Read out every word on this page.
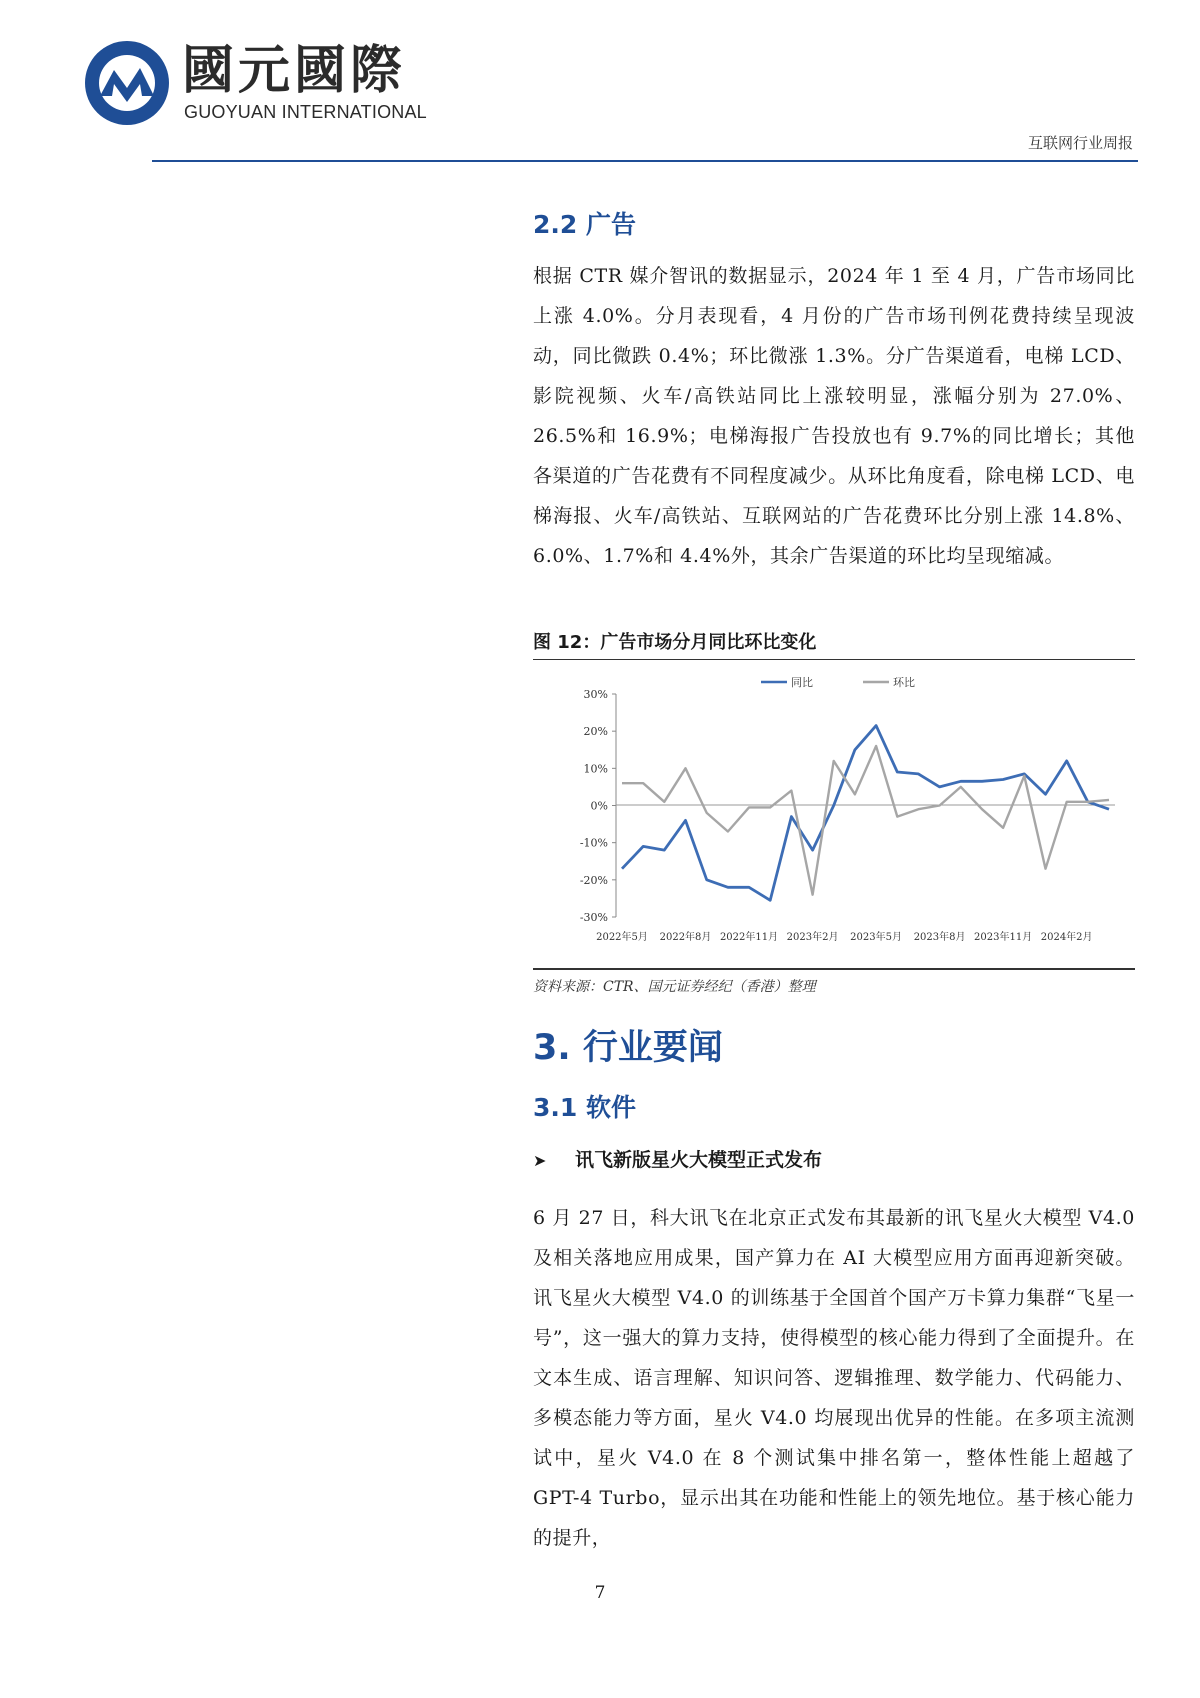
國元國際
GUOYUAN INTERNATIONAL
互联网行业周报
2.2 广告
根据 CTR 媒介智讯的数据显示，2024 年 1 至 4 月，广告市场同比上涨 4.0%。分月表现看，4 月份的广告市场刊例花费持续呈现波动，同比微跌 0.4%；环比微涨 1.3%。分广告渠道看，电梯 LCD、影院视频、火车/高铁站同比上涨较明显，涨幅分别为 27.0%、26.5%和 16.9%；电梯海报广告投放也有 9.7%的同比增长；其他各渠道的广告花费有不同程度减少。从环比角度看，除电梯 LCD、电梯海报、火车/高铁站、互联网站的广告花费环比分别上涨 14.8%、6.0%、1.7%和 4.4%外，其余广告渠道的环比均呈现缩减。
图 12：广告市场分月同比环比变化
30%
20%
10%
0%
-10%
-20%
-30%
2022年5月 2022年8月 2022年11月 2023年2月 2023年5月 2023年8月 2023年11月 2024年2月
同比	环比
资料来源：CTR、国元证券经纪（香港）整理
3. 行业要闻
3.1 软件
➤ 讯飞新版星火大模型正式发布
6 月 27 日，科大讯飞在北京正式发布其最新的讯飞星火大模型 V4.0 及相关落地应用成果，国产算力在 AI 大模型应用方面再迎新突破。讯飞星火大模型 V4.0 的训练基于全国首个国产万卡算力集群“飞星一号”，这一强大的算力支持，使得模型的核心能力得到了全面提升。在文本生成、语言理解、知识问答、逻辑推理、数学能力、代码能力、多模态能力等方面，星火 V4.0 均展现出优异的性能。在多项主流测试中，星火 V4.0 在 8 个测试集中排名第一，整体性能上超越了 GPT-4 Turbo，显示出其在功能和性能上的领先地位。基于核心能力的提升，
7
